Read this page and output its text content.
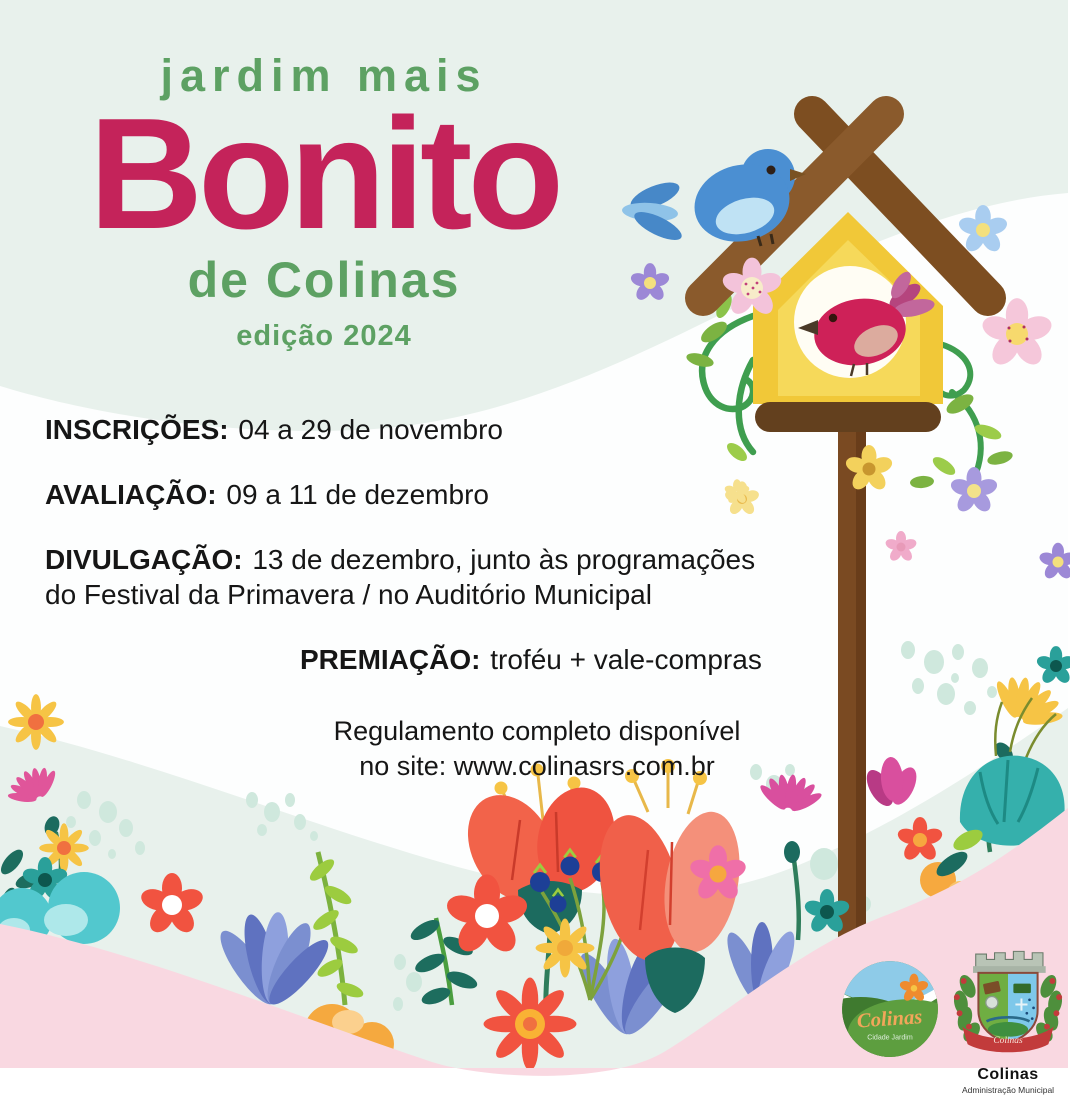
jardim mais
Bonito
de Colinas
edição 2024
INSCRIÇÕES: 04 a 29 de novembro
AVALIAÇÃO: 09 a 11 de dezembro
DIVULGAÇÃO: 13 de dezembro, junto às programações do Festival da Primavera / no Auditório Municipal
PREMIAÇÃO: troféu + vale-compras
Regulamento completo disponível
no site: www.colinasrs.com.br
Colinas
Cidade Jardim	Colinas
Colinas
Administração Municipal
